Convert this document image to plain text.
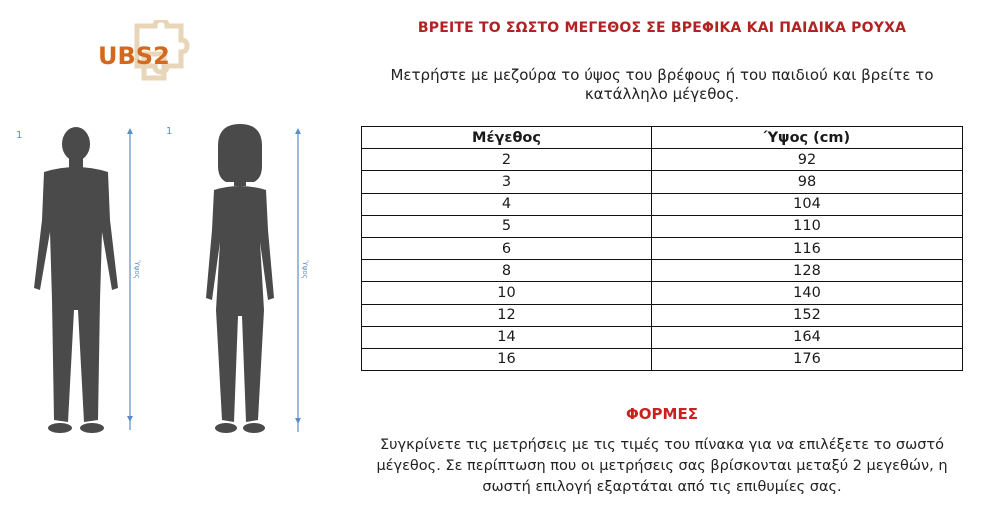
UBS2
1
Ύψος
1
Ύψος
ΒΡΕΙΤΕ ΤΟ ΣΩΣΤΟ ΜΕΓΕΘΟΣ ΣΕ ΒΡΕΦΙΚΑ ΚΑΙ ΠΑΙΔΙΚΑ ΡΟΥΧΑ
Μετρήστε με μεζούρα το ύψος του βρέφους ή του παιδιού και βρείτε το κατάλληλο μέγεθος.
Μέγεθος	Ύψος (cm)
2	92
3	98
4	104
5	110
6	116
8	128
10	140
12	152
14	164
16	176
ΦΟΡΜΕΣ
Συγκρίνετε τις μετρήσεις με τις τιμές του πίνακα για να επιλέξετε το σωστό μέγεθος. Σε περίπτωση που οι μετρήσεις σας βρίσκονται μεταξύ 2 μεγεθών, η σωστή επιλογή εξαρτάται από τις επιθυμίες σας.
